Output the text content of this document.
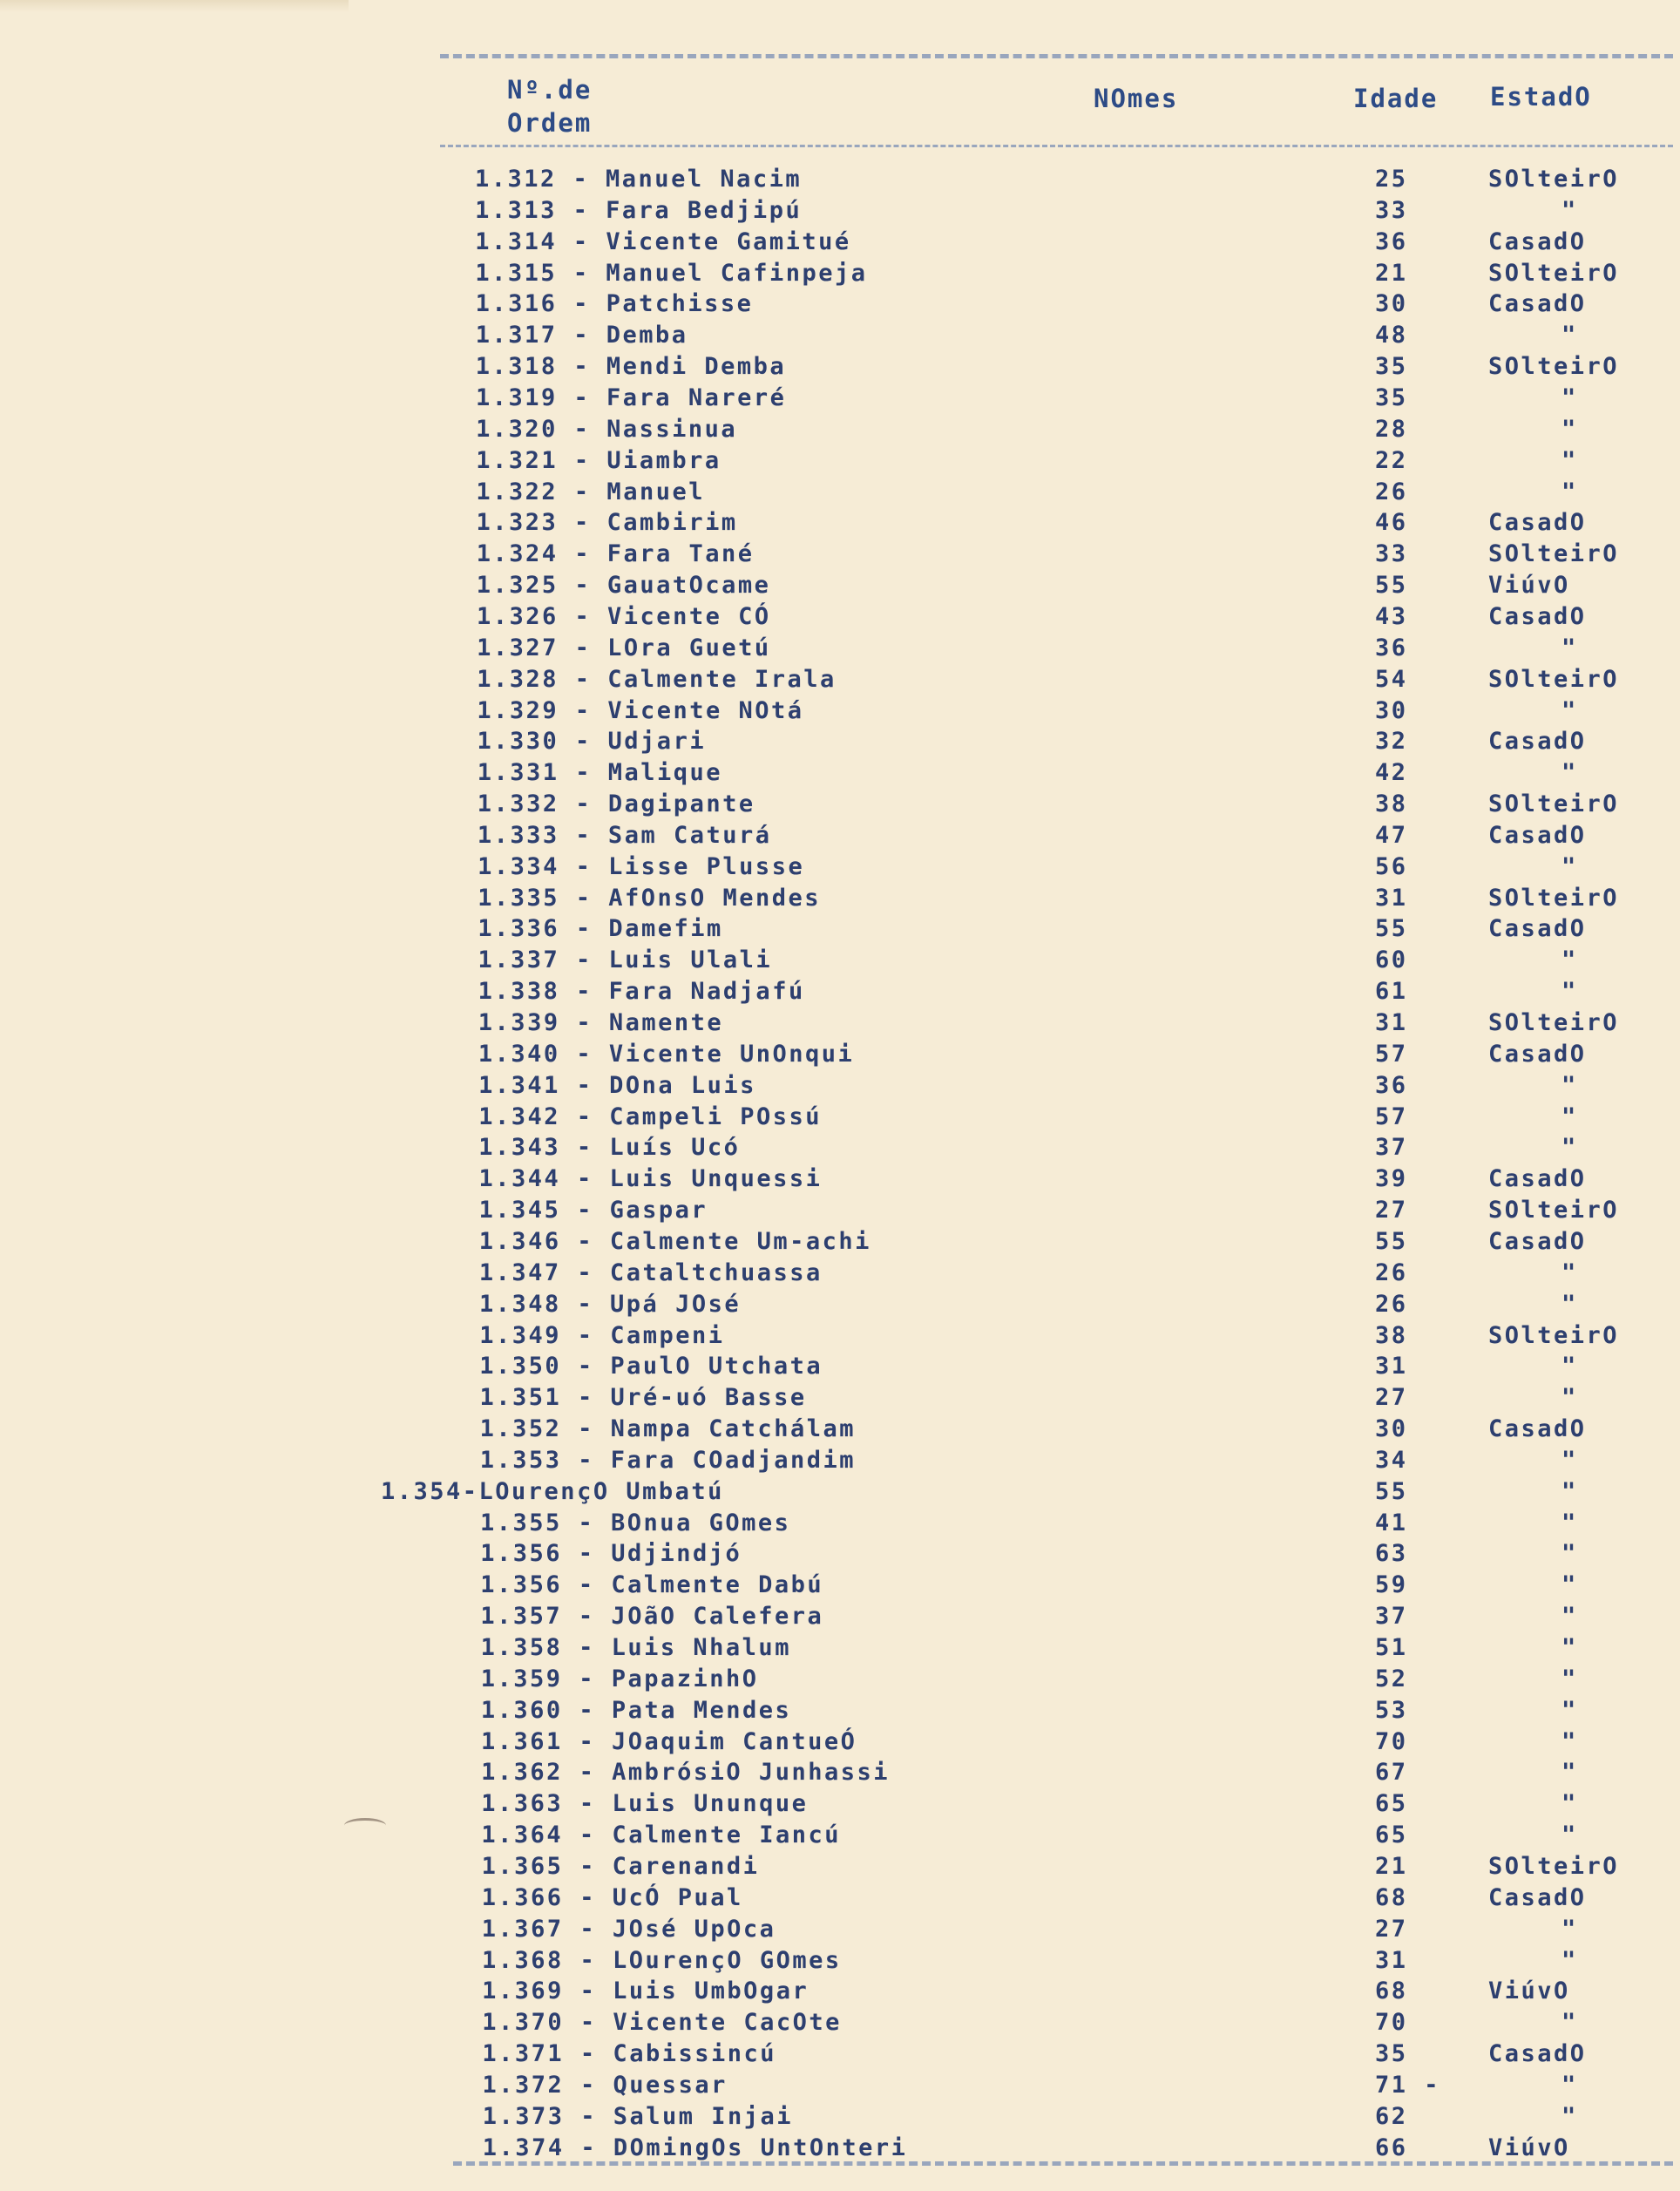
Nº.de
Ordem
NOmes	Idade EstadO
1.312 - Manuel Nacim	25	SOlteirO
1.313 - Fara Bedjipú	33	"
1.314 - Vicente Gamitué	36	CasadO
1.315 - Manuel Cafinpeja	21	SOlteirO
1.316 - Patchisse	30	CasadO
1.317 - Demba	48	"
1.318 - Mendi Demba	35	SOlteirO
1.319 - Fara Nareré	35	"
1.320 - Nassinua	28	"
1.321 - Uiambra	22	"
1.322 - Manuel	26	"
1.323 - Cambirim	46	CasadO
1.324 - Fara Tané	33	SOlteirO
1.325 - GauatOcame	55	ViúvO
1.326 - Vicente CÓ	43	CasadO
1.327 - LOra Guetú	36	"
1.328 - Calmente Irala	54	SOlteirO
1.329 - Vicente NOtá	30	"
1.330 - Udjari	32	CasadO
1.331 - Malique	42	"
1.332 - Dagipante	38	SOlteirO
1.333 - Sam Caturá	47	CasadO
1.334 - Lisse Plusse	56	"
1.335 - AfOnsO Mendes	31	SOlteirO
1.336 - Damefim	55	CasadO
1.337 - Luis Ulali	60	"
1.338 - Fara Nadjafú	61	"
1.339 - Namente	31	SOlteirO
1.340 - Vicente UnOnqui	57	CasadO
1.341 - DOna Luis	36	"
1.342 - Campeli POssú	57	"
1.343 - Luís Ucó	37	"
1.344 - Luis Unquessi	39	CasadO
1.345 - Gaspar	27	SOlteirO
1.346 - Calmente Um-achi	55	CasadO
1.347 - Cataltchuassa	26	"
1.348 - Upá JOsé	26	"
1.349 - Campeni	38	SOlteirO
1.350 - PaulO Utchata	31	"
1.351 - Uré-uó Basse	27	"
1.352 - Nampa Catchálam	30	CasadO
1.353 - Fara COadjandim	34	"
1.354-LOurençO Umbatú	55	"
1.355 - BOnua GOmes	41	"
1.356 - Udjindjó	63	"
1.356 - Calmente Dabú	59	"
1.357 - JOãO Calefera	37	"
1.358 - Luis Nhalum	51	"
1.359 - PapazinhO	52	"
1.360 - Pata Mendes	53	"
1.361 - JOaquim CantueÓ	70	"
1.362 - AmbrósiO Junhassi	67	"
1.363 - Luis Ununque	65	"
1.364 - Calmente Iancú	65	"
1.365 - Carenandi	21	SOlteirO
1.366 - UcÓ Pual	68	CasadO
1.367 - JOsé UpOca	27	"
1.368 - LOurençO GOmes	31	"
1.369 - Luis UmbOgar	68	ViúvO
1.370 - Vicente CacOte	70	"
1.371 - Cabissincú	35	CasadO
1.372 - Quessar	71 -	"
1.373 - Salum Injai	62	"
1.374 - DOmingOs UntOnteri	66	ViúvO
